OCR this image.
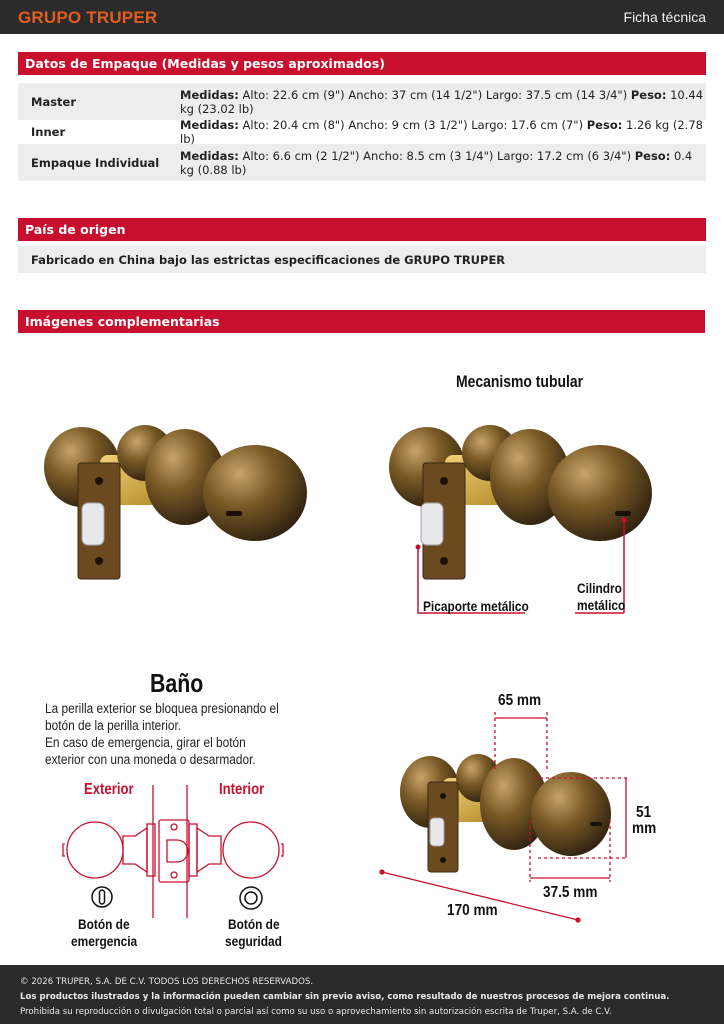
GRUPO TRUPER	Ficha técnica
Datos de Empaque (Medidas y pesos aproximados)
Master	Medidas: Alto: 22.6 cm (9") Ancho: 37 cm (14 1/2") Largo: 37.5 cm (14 3/4") Peso: 10.44 kg (23.02 lb)
Inner	Medidas: Alto: 20.4 cm (8") Ancho: 9 cm (3 1/2") Largo: 17.6 cm (7") Peso: 1.26 kg (2.78 lb)
Empaque Individual	Medidas: Alto: 6.6 cm (2 1/2") Ancho: 8.5 cm (3 1/4") Largo: 17.2 cm (6 3/4") Peso: 0.4 kg (0.88 lb)
País de origen
Fabricado en China bajo las estrictas especificaciones de GRUPO TRUPER
Imágenes complementarias
Mecanismo tubular
Picaporte metálico
Cilindro
metálico
Baño

La perilla exterior se bloquea presionando el botón de la perilla interior.

En caso de emergencia, girar el botón exterior con una moneda o desarmador.

Exterior	Interior
Botón de
emergencia
Botón de
seguridad
65 mm
51
mm
37.5 mm
170 mm
© 2026 TRUPER, S.A. DE C.V. TODOS LOS DERECHOS RESERVADOS.
Los productos ilustrados y la información pueden cambiar sin previo aviso, como resultado de nuestros procesos de mejora continua.
Prohibida su reproducción o divulgación total o parcial así como su uso o aprovechamiento sin autorización escrita de Truper, S.A. de C.V.
